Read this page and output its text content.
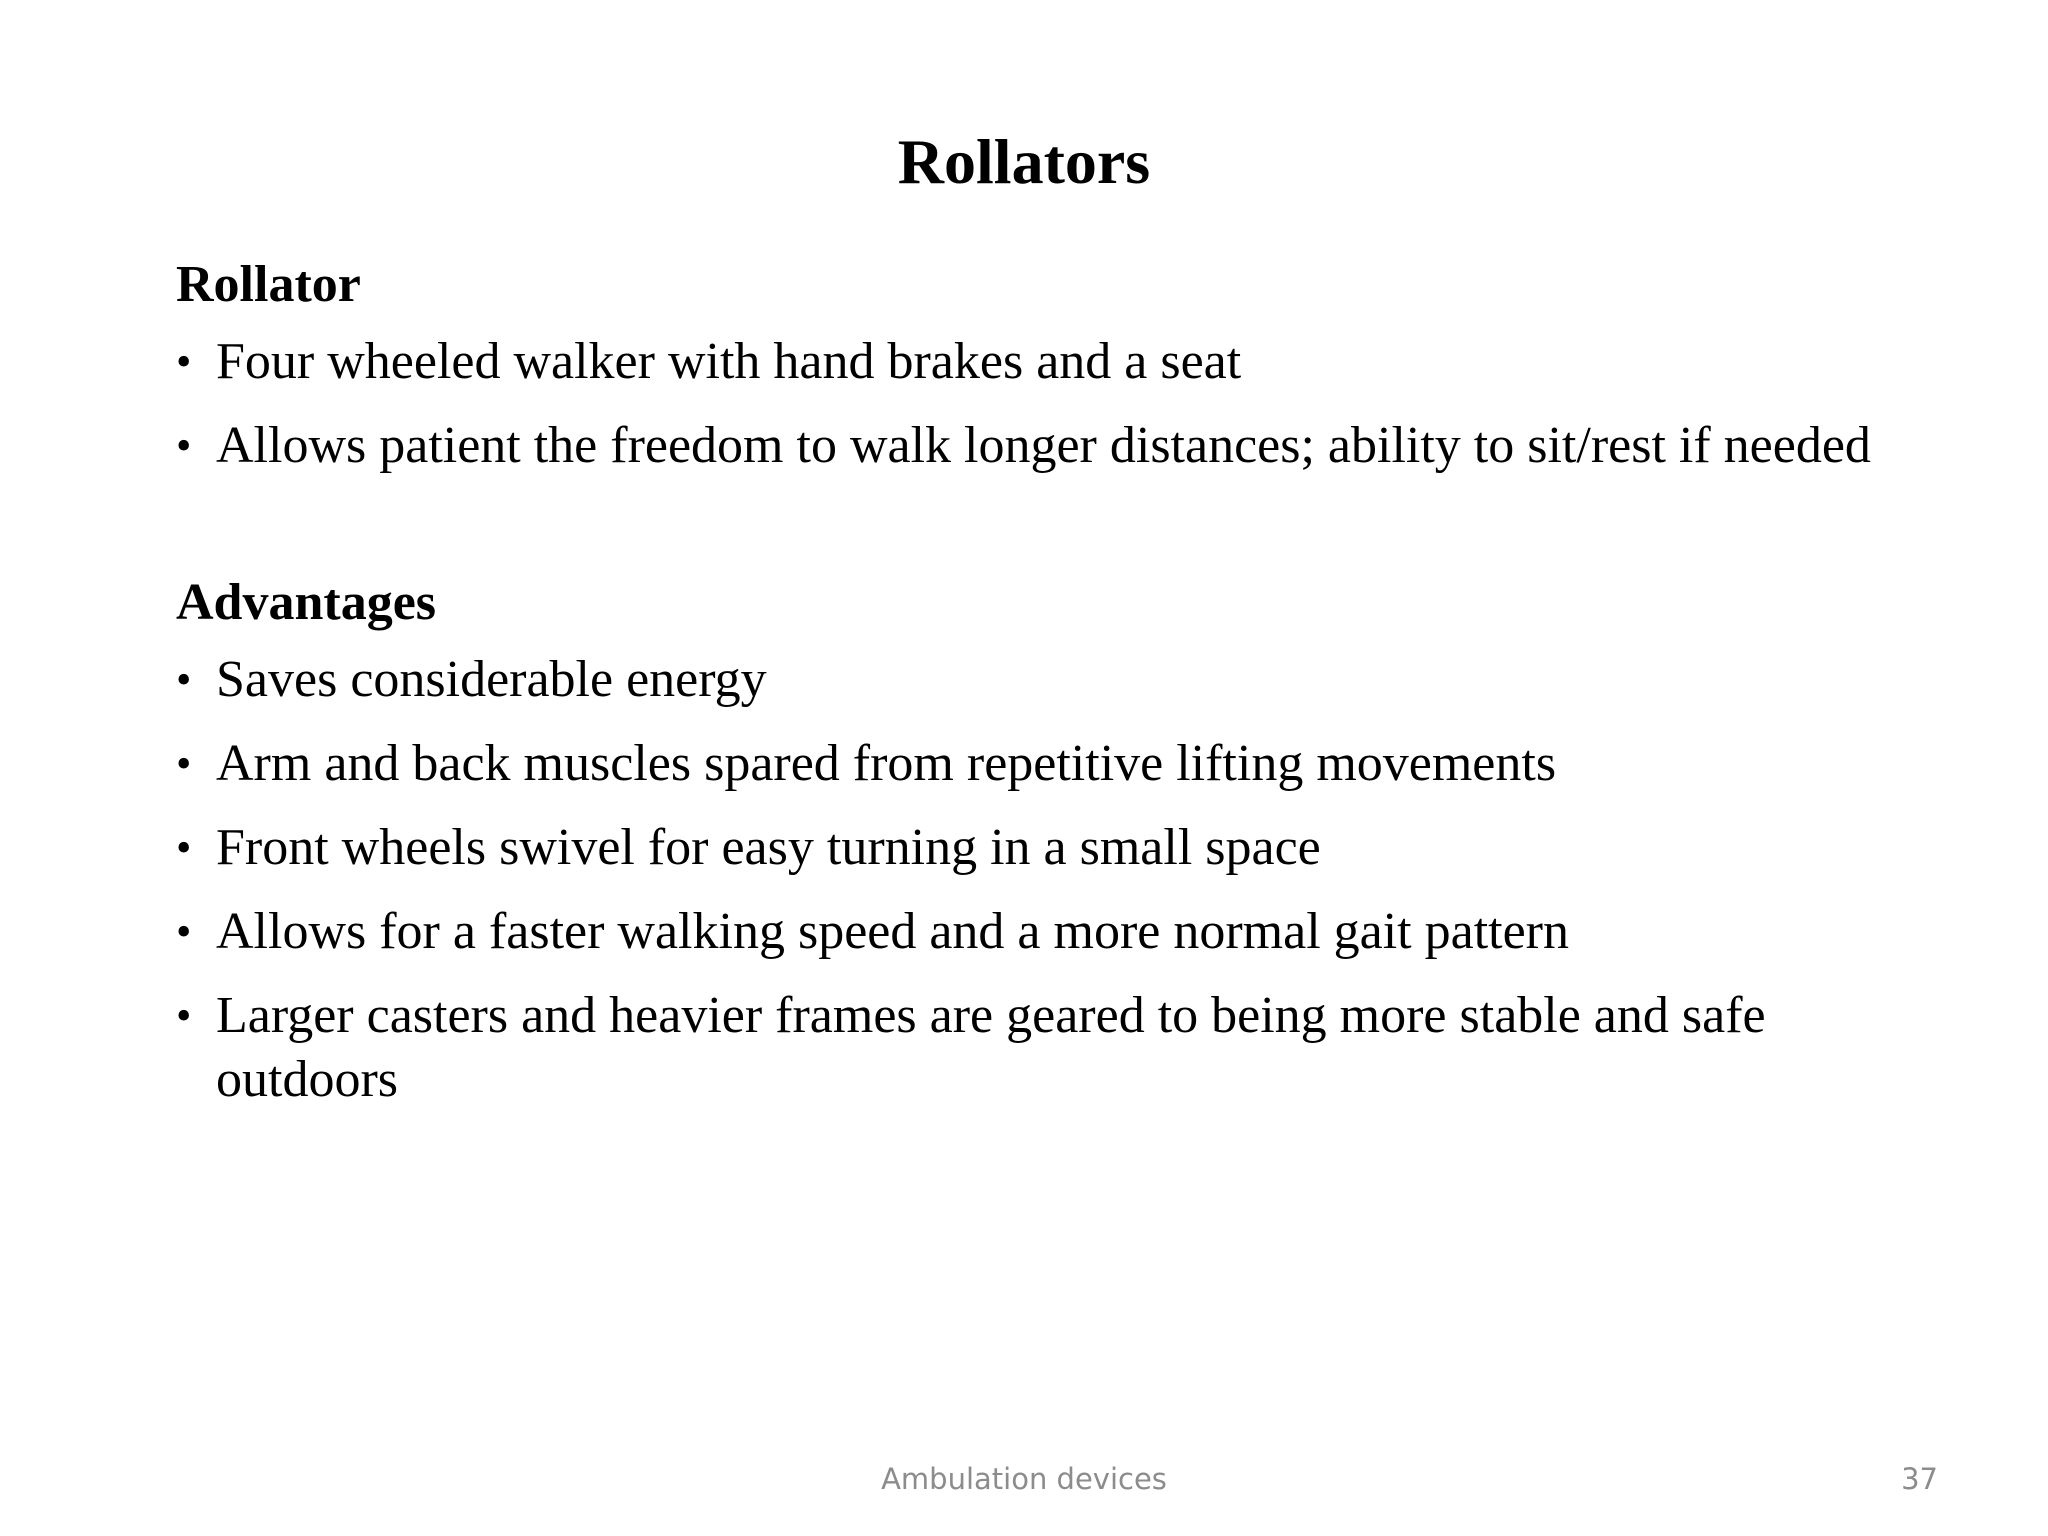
Rollators

Rollator

• Four wheeled walker with hand brakes and a seat
• Allows patient the freedom to walk longer distances; ability to sit/rest if needed

Advantages

• Saves considerable energy
• Arm and back muscles spared from repetitive lifting movements
• Front wheels swivel for easy turning in a small space
• Allows for a faster walking speed and a more normal gait pattern
• Larger casters and heavier frames are geared to being more stable and safe outdoors
Ambulation devices	37
